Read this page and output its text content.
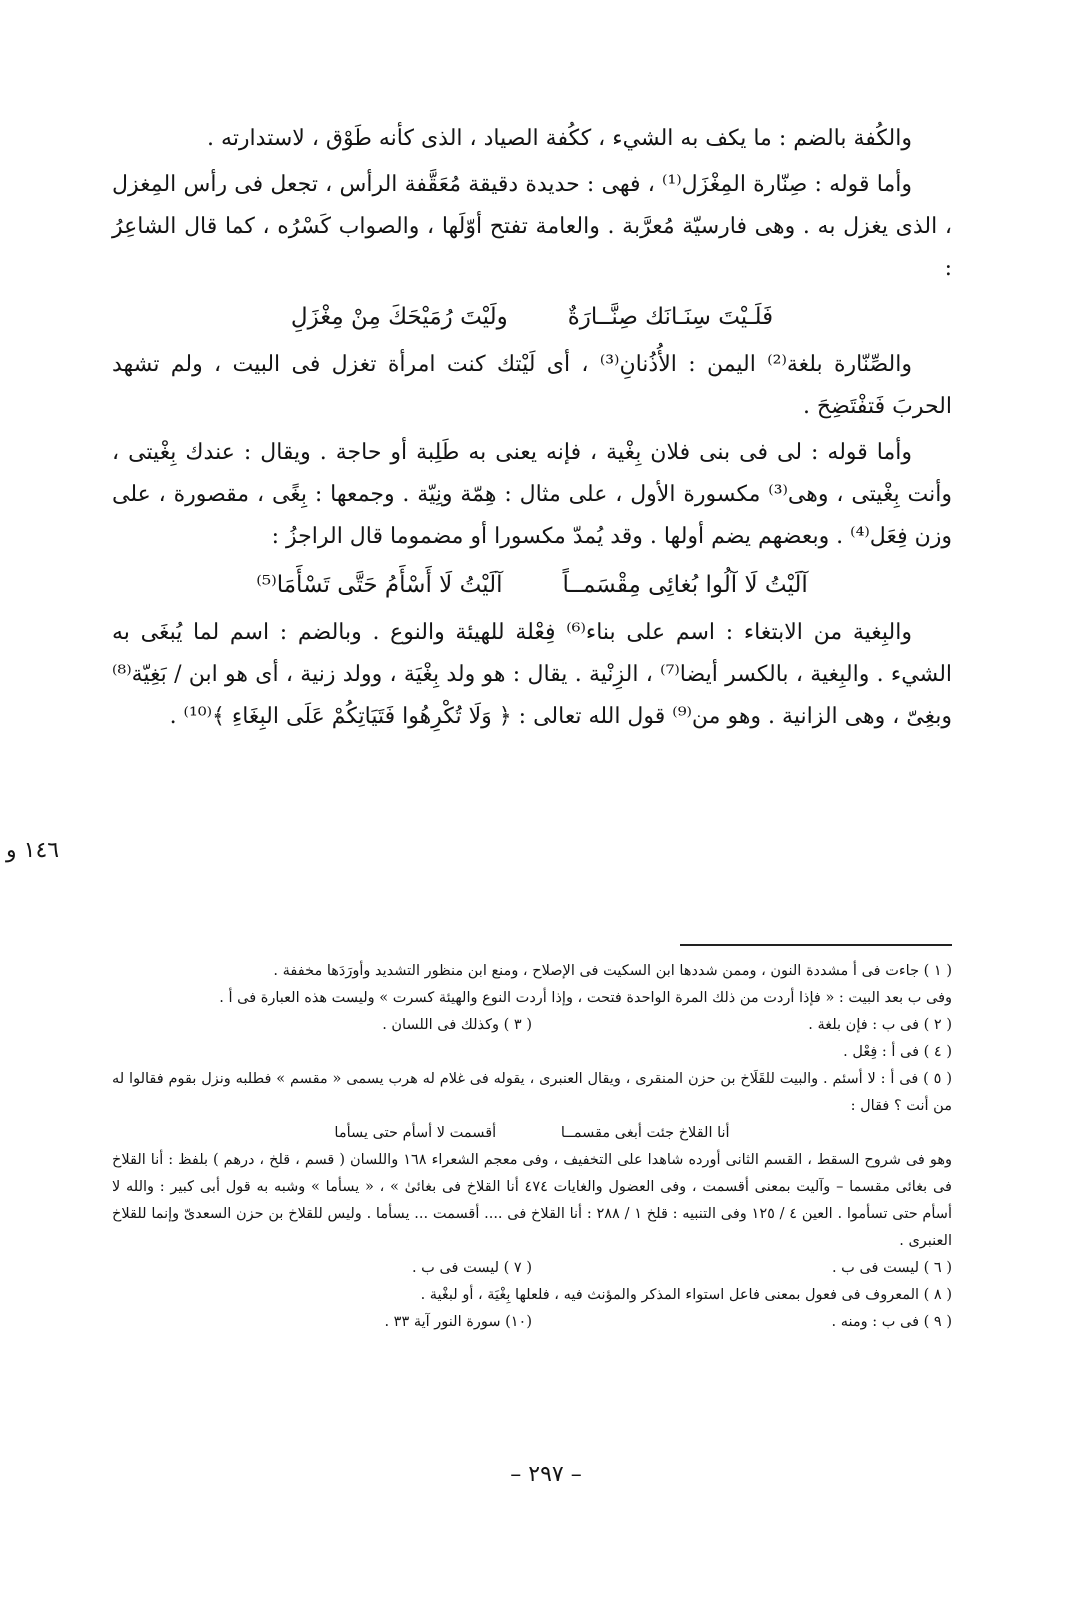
والكُفة بالضم : ما يكف به الشيء ، ككُفة الصياد ، الذى كأنه طَوْق ، لاستدارته .

وأما قوله : صِنّارة المِغْزَل⁽¹⁾ ، فهى : حديدة دقيقة مُعَقَّفة الرأس ، تجعل فى رأس المِغزل ، الذى يغزل به . وهى فارسيّة مُعرَّبة . والعامة تفتح أوّلَها ، والصواب كَسْرُه ، كما قال الشاعِرُ :

فَلَـيْتَ سِنَـانَك صِنَّــارَةٌ
ولَيْتَ رُمَيْحَكَ مِنْ مِغْزَلِ

والصِّنّارة بلغة⁽²⁾ اليمن : الأُذُنانِ⁽³⁾ ، أى لَيْتك كنت امرأة تغزل فى البيت ، ولم تشهد الحربَ فَتفْتَضِحَ .

وأما قوله : لى فى بنى فلان بِغْية ، فإنه يعنى به طَلِبة أو حاجة . ويقال : عندك بِغْيتى ، وأنت بِغْيتى ، وهى⁽³⁾ مكسورة الأول ، على مثال : هِمّة ونِيّة . وجمعها : بِغًى ، مقصورة ، على وزن فِعَل⁽⁴⁾ . وبعضهم يضم أولها . وقد يُمدّ مكسورا أو مضموما قال الراجزُ :

آلَيْتُ لَا آلُوا بُغائِى مِقْسَمــاً
آلَيْتُ لَا أَسْأَمُ حَتَّى تَسْأَمَا⁽⁵⁾

والبِغية من الابتغاء : اسم على بناء⁽⁶⁾ فِعْلة للهيئة والنوع . وبالضم : اسم لما يُبغَى به الشيء . والبِغية ، بالكسر أيضا⁽⁷⁾ ، الزِنْية . يقال : هو ولد بِغْيَة ، وولد زنية ، أى هو ابن / بَغِيّة⁽⁸⁾ وبغِىّ ، وهى الزانية . وهو من⁽⁹⁾ قول الله تعالى : ﴿ وَلَا تُكْرِهُوا فَتَيَاتِكُمْ عَلَى البِغَاءِ ﴾⁽¹⁰⁾ .

١٤٦ و

( ١ ) جاءت فى أ مشددة النون ، وممن شددها ابن السكيت فى الإصلاح ، ومنع ابن منظور التشديد وأورَدَها مخففة .

وفى ب بعد البيت : « فإذا أردت من ذلك المرة الواحدة فتحت ، وإذا أردت النوع والهيئة كسرت » وليست هذه العبارة فى أ .

( ٢ ) فى ب : فإن بلغة .
( ٣ ) وكذلك فى اللسان .

( ٤ ) فى أ : فِعْل .

( ٥ ) فى أ : لا أسئم . والبيت للقَلَاخ بن حزن المنقرى ، ويقال العنبرى ، يقوله فى غلام له هرب يسمى « مقسم » فطلبه ونزل بقوم فقالوا له من أنت ؟ فقال :

أنا القلاخ جئت أبغى مقسمــا أقسمت لا أسأم حتى يسأما

وهو فى شروح السقط ، القسم الثانى أورده شاهدا على التخفيف ، وفى معجم الشعراء ١٦٨ واللسان ( قسم ، قلخ ، درهم ) بلفظ : أنا القلاخ فى بغائى مقسما – وآليت بمعنى أقسمت ، وفى العضول والغايات ٤٧٤ أنا القلاخ فى بغائىٰ » ، « يسأما » وشبه به قول أبى كبير : والله لا أسأم حتى تسأموا . العين ٤ / ١٢٥ وفى التنبيه : قلخ ١ / ٢٨٨ : أنا القلاخ فى .... أقسمت ... يسأما . وليس للقلاخ بن حزن السعدىّ وإنما للقلاخ العنبرى .

( ٦ ) ليست فى ب .
( ٧ ) ليست فى ب .

( ٨ ) المعروف فى فعول بمعنى فاعل استواء المذكر والمؤنث فيه ، فلعلها بِغْيَة ، أو لبغْية .

( ٩ ) فى ب : ومنه .
(١٠) سورة النور آية ٣٣ .
– ٢٩٧ –
